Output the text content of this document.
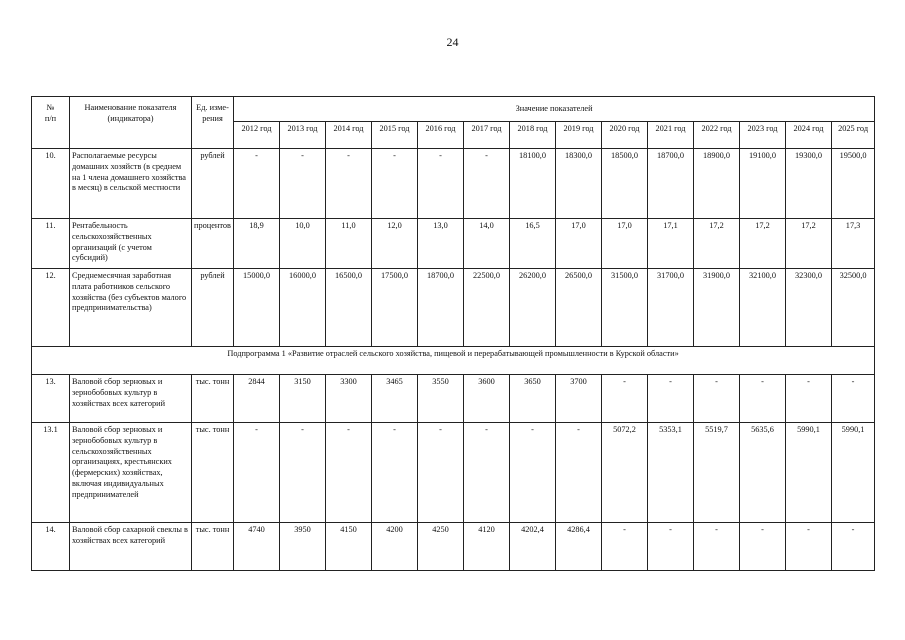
24
№
п/п	Наименование показателя (индикатора)	Ед. изме-рения	Значение показателей													
			2012 год	2013 год	2014 год	2015 год	2016 год	2017 год	2018 год	2019 год	2020 год	2021 год	2022 год	2023 год	2024 год	2025 год
10.	Располагаемые ресурсы домашних хозяйств (в среднем на 1 члена домашнего хозяйства в месяц) в сельской местности	рублей	-	-	-	-	-	-	18100,0	18300,0	18500,0	18700,0	18900,0	19100,0	19300,0	19500,0
11.	Рентабельность сельскохозяйственных организаций (с учетом субсидий)	процентов	18,9	10,0	11,0	12,0	13,0	14,0	16,5	17,0	17,0	17,1	17,2	17,2	17,2	17,3
12.	Среднемесячная заработная плата работников сельского хозяйства (без субъектов малого предпринимательства)	рублей	15000,0	16000,0	16500,0	17500,0	18700,0	22500,0	26200,0	26500,0	31500,0	31700,0	31900,0	32100,0	32300,0	32500,0
Подпрограмма 1 «Развитие отраслей сельского хозяйства, пищевой и перерабатывающей промышленности в Курской области»																
13.	Валовой сбор зерновых и зернобобовых культур в хозяйствах всех категорий	тыс. тонн	2844	3150	3300	3465	3550	3600	3650	3700	-	-	-	-	-	-
13.1	Валовой сбор зерновых и зернобобовых культур в сельскохозяйственных организациях, крестьянских (фермерских) хозяйствах, включая индивидуальных предпринимателей	тыс. тонн	-	-	-	-	-	-	-	-	5072,2	5353,1	5519,7	5635,6	5990,1	5990,1
14.	Валовой сбор сахарной свеклы в хозяйствах всех категорий	тыс. тонн	4740	3950	4150	4200	4250	4120	4202,4	4286,4	-	-	-	-	-	-
